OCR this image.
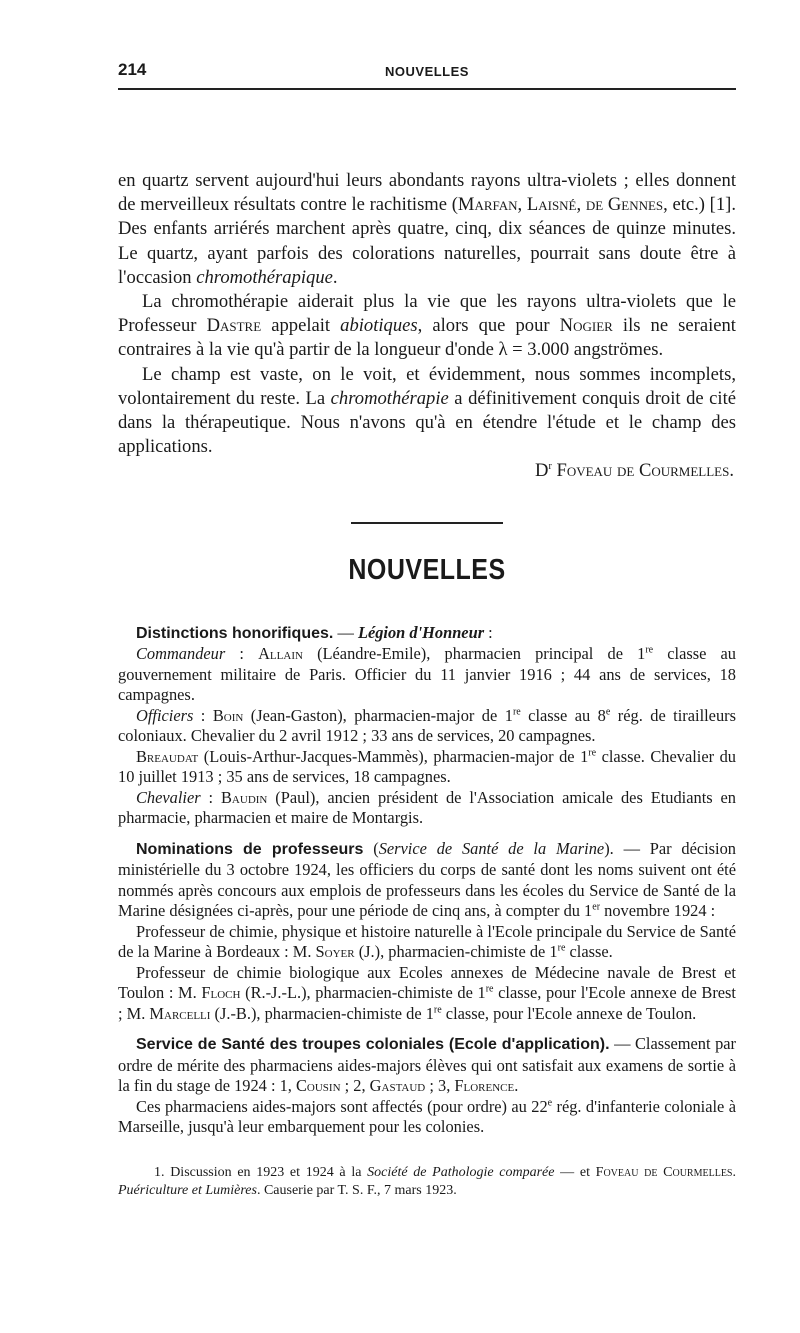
214	NOUVELLES

en quartz servent aujourd'hui leurs abondants rayons ultra-violets ; elles donnent de merveilleux résultats contre le rachitisme (Marfan, Laisné, de Gennes, etc.) [1]. Des enfants arriérés marchent après quatre, cinq, dix séances de quinze minutes. Le quartz, ayant parfois des colorations naturelles, pourrait sans doute être à l'occasion chromothérapique.

La chromothérapie aiderait plus la vie que les rayons ultra-violets que le Professeur Dastre appelait abiotiques, alors que pour Nogier ils ne seraient contraires à la vie qu'à partir de la longueur d'onde λ = 3.000 angströmes.

Le champ est vaste, on le voit, et évidemment, nous sommes incomplets, volontairement du reste. La chromothérapie a définitivement conquis droit de cité dans la thérapeutique. Nous n'avons qu'à en étendre l'étude et le champ des applications.

$D^r$ Foveau de Courmelles.

NOUVELLES

Distinctions honorifiques. — Légion d'Honneur :

Commandeur : Allain (Léandre-Emile), pharmacien principal de 1re classe au gouvernement militaire de Paris. Officier du 11 janvier 1916 ; 44 ans de services, 18 campagnes.

Officiers : Boin (Jean-Gaston), pharmacien-major de 1re classe au 8e rég. de tirailleurs coloniaux. Chevalier du 2 avril 1912 ; 33 ans de services, 20 campagnes.

Breaudat (Louis-Arthur-Jacques-Mammès), pharmacien-major de 1re classe. Chevalier du 10 juillet 1913 ; 35 ans de services, 18 campagnes.

Chevalier : Baudin (Paul), ancien président de l'Association amicale des Etudiants en pharmacie, pharmacien et maire de Montargis.

Nominations de professeurs (Service de Santé de la Marine). — Par décision ministérielle du 3 octobre 1924, les officiers du corps de santé dont les noms suivent ont été nommés après concours aux emplois de professeurs dans les écoles du Service de Santé de la Marine désignées ci-après, pour une période de cinq ans, à compter du 1er novembre 1924 :

Professeur de chimie, physique et histoire naturelle à l'Ecole principale du Service de Santé de la Marine à Bordeaux : M. Soyer (J.), pharmacien-chimiste de 1re classe.

Professeur de chimie biologique aux Ecoles annexes de Médecine navale de Brest et Toulon : M. Floch (R.-J.-L.), pharmacien-chimiste de 1re classe, pour l'Ecole annexe de Brest ; M. Marcelli (J.-B.), pharmacien-chimiste de 1re classe, pour l'Ecole annexe de Toulon.

Service de Santé des troupes coloniales (Ecole d'application). — Classement par ordre de mérite des pharmaciens aides-majors élèves qui ont satisfait aux examens de sortie à la fin du stage de 1924 : 1, Cousin ; 2, Gastaud ; 3, Florence.

Ces pharmaciens aides-majors sont affectés (pour ordre) au 22e rég. d'infanterie coloniale à Marseille, jusqu'à leur embarquement pour les colonies.

1. Discussion en 1923 et 1924 à la Société de Pathologie comparée — et Foveau de Courmelles. Puériculture et Lumières. Causerie par T. S. F., 7 mars 1923.
